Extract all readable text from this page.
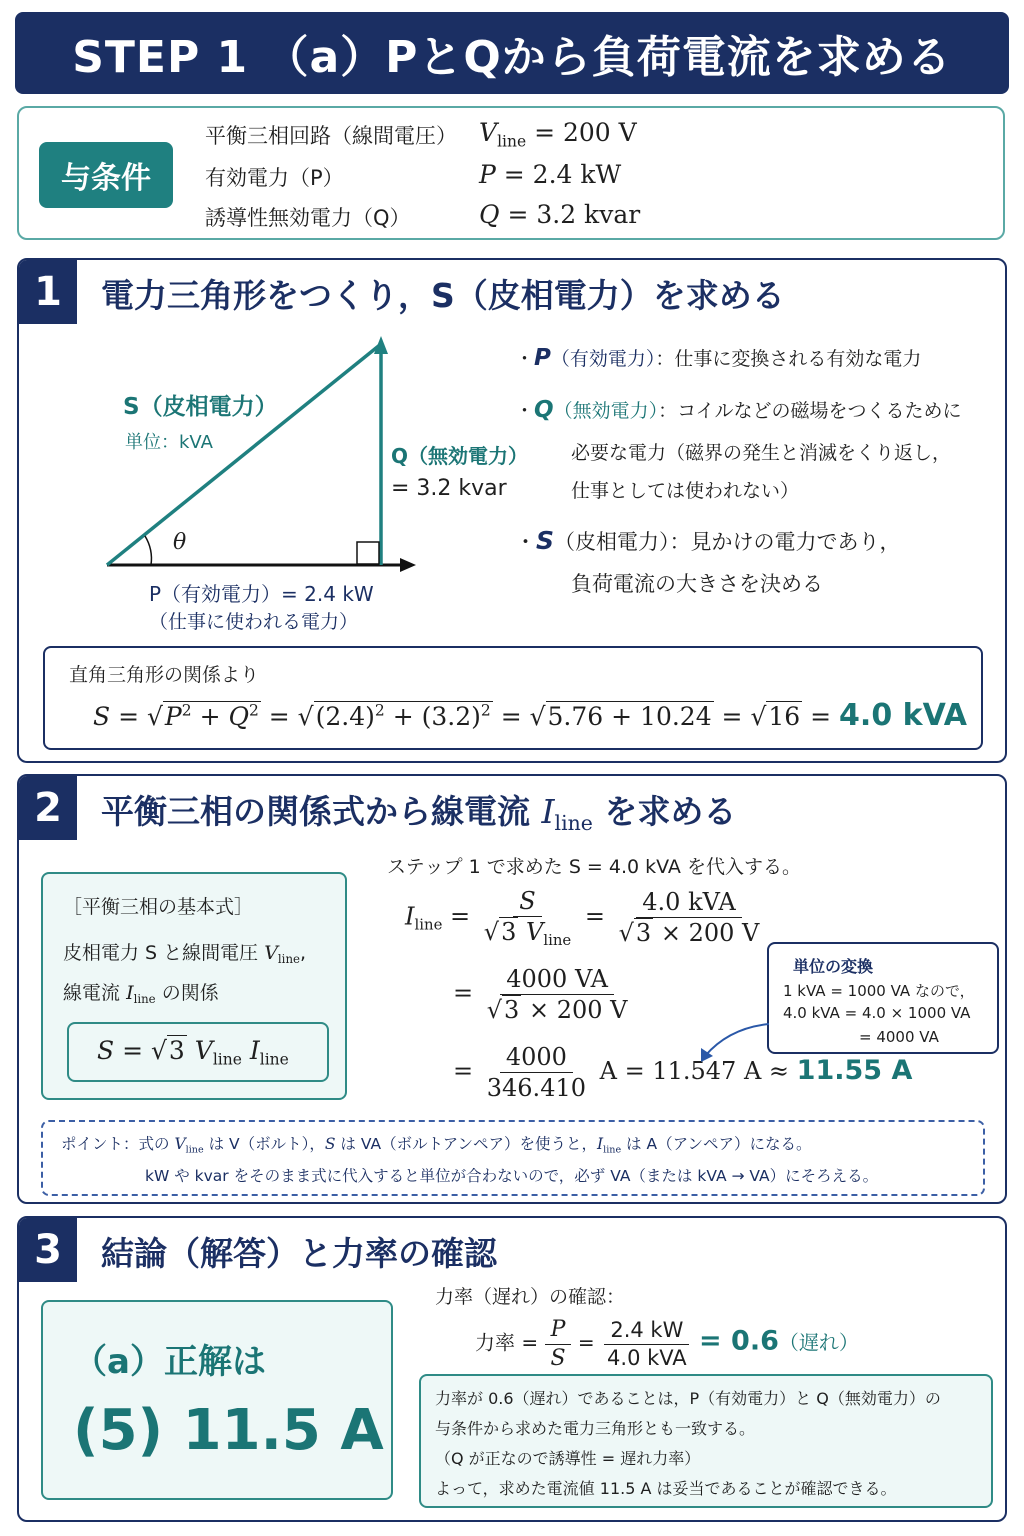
STEP 1 （a）PとQから負荷電流を求める
与条件
平衡三相回路（線間電圧） $V_{line} = 200$ V
有効電力（P）	P = 2.4 kW
誘導性無効電力（Q）	Q = 3.2 kvar
1	電力三角形をつくり，S（皮相電力）を求める
S（皮相電力）
単位：kVA
Q（無効電力）
= 3.2 kvar
θ
P（有効電力）= 2.4 kW
（仕事に使われる電力）
・P（有効電力）：仕事に変換される有効な電力
・Q（無効電力）：コイルなどの磁場をつくるために
必要な電力（磁界の発生と消滅をくり返し，
仕事としては使われない）
・S（皮相電力）：見かけの電力であり，
負荷電流の大きさを決める
直角三角形の関係より
$S = √P^2 + Q^2 = √(2.4)^2 + (3.2)^2 = √5.76 + 10.24 = √16 = 4.0$ kVA
2	平衡三相の関係式から線電流 $I_{line}$ を求める
［平衡三相の基本式］
皮相電力 S と線間電圧 $V_{line}$,
線電流 $I_{line}$ の関係
S = √3 $V_{line}$ $I_{line}$
ステップ 1 で求めた S = 4.0 kVA を代入する。
$I_{line} = \frac{S}{√3 V_{line}} = \frac{\text{4.0 kVA}}{√3 \times 200 V}$
= $\frac{4000 VA}{√3 \times 200 V}$
= $\frac{4000}{346.410}$ A = 11.547 A ≈ 11.55 A
単位の変換
1 kVA = 1000 VA なので，
4.0 kVA = 4.0 × 1000 VA
= 4000 VA
ポイント：式の $V_{line}$ は V（ボルト），S は VA（ボルトアンペア）を使うと，$I_{line}$ は A（アンペア）になる。
kW や kvar をそのまま式に代入すると単位が合わないので，必ず VA（または kVA → VA）にそろえる。
3	結論（解答）と力率の確認
（a）正解は
(5) 11.5 A
力率（遅れ）の確認：
力率 = $\frac{P}{S} = \frac{2.4 kW}{\text{4.0 kVA}} = 0.6$（遅れ）
力率が 0.6（遅れ）であることは，P（有効電力）と Q（無効電力）の
与条件から求めた電力三角形とも一致する。
（Q が正なので誘導性 = 遅れ力率）
よって，求めた電流値 11.5 A は妥当であることが確認できる。
